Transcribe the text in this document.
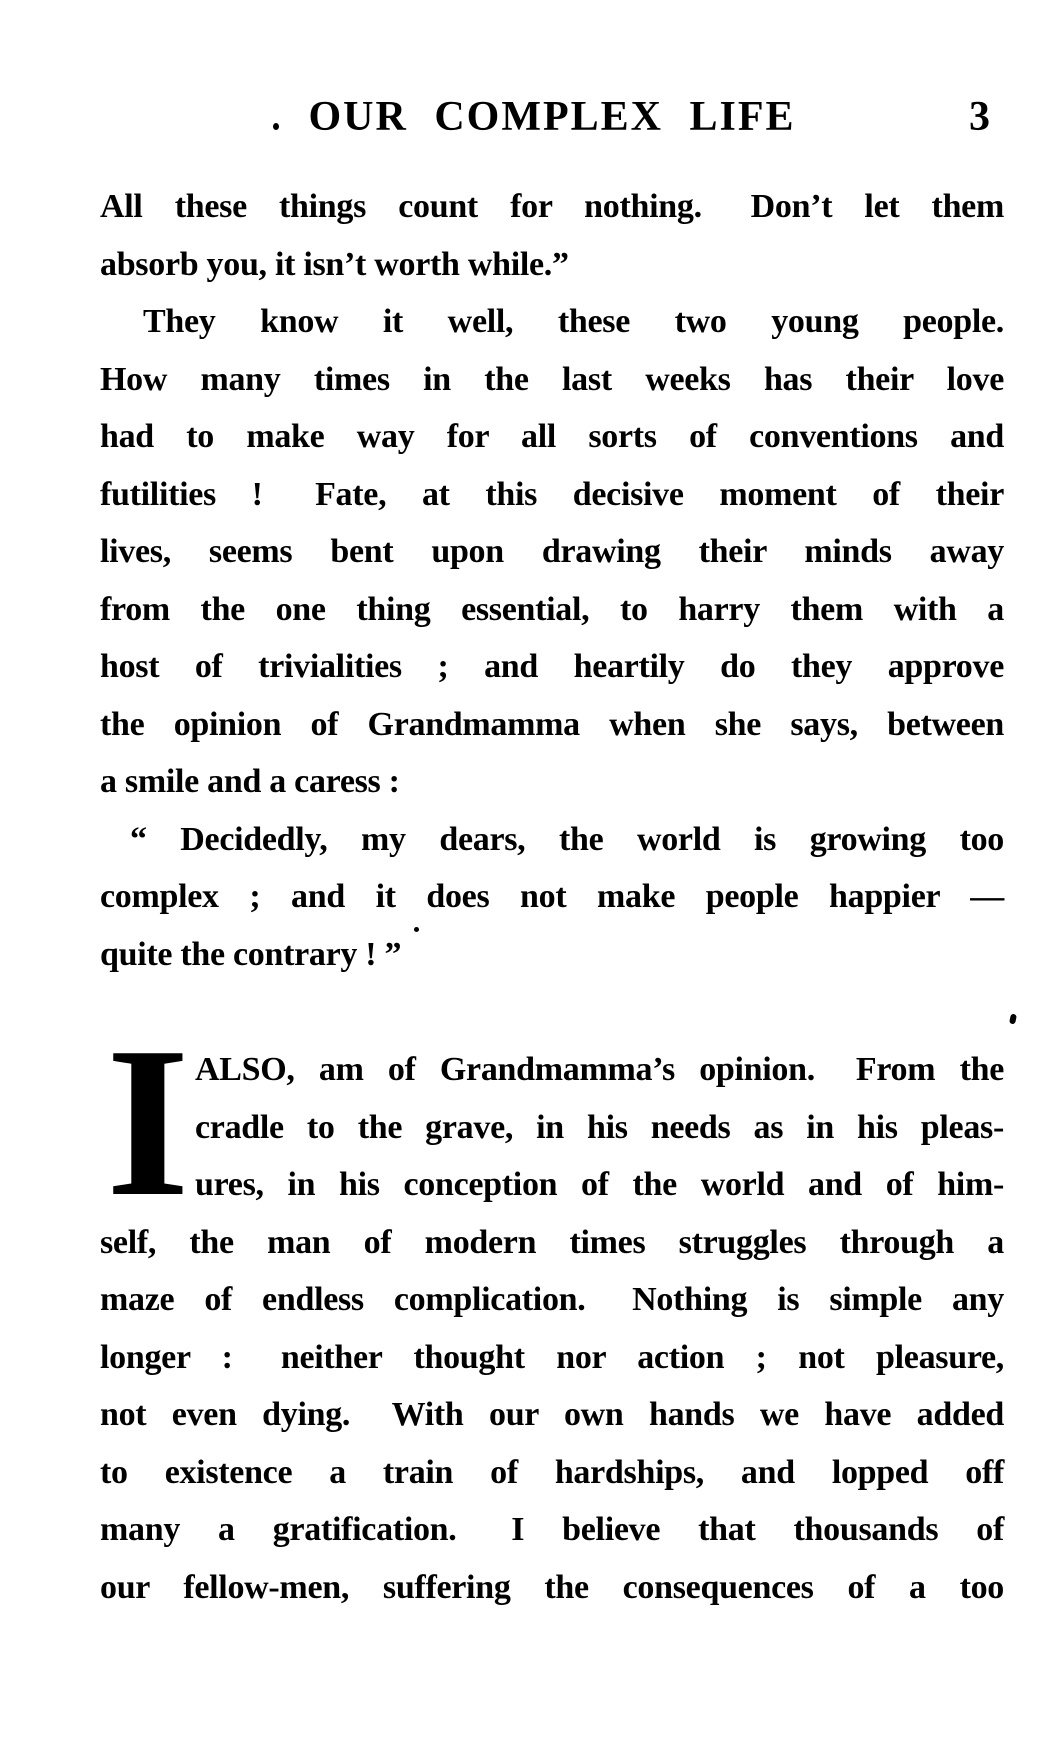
OUR COMPLEX LIFE	3
All these things count for nothing.  Don’t let them
absorb you, it isn’t worth while.”
They know it well, these two young people.
How many times in the last weeks has their love
had to make way for all sorts of conventions and
futilities !  Fate, at this decisive moment of their
lives, seems bent upon drawing their minds away
from the one thing essential, to harry them with a
host of trivialities ; and heartily do they approve
the opinion of Grandmamma when she says, between
a smile and a caress :
“ Decidedly, my dears, the world is growing too
complex ; and it does not make people happier —
quite the contrary ! ”
I ALSO, am of Grandmamma’s opinion.  From the
cradle to the grave, in his needs as in his pleas-
ures, in his conception of the world and of him-
self, the man of modern times struggles through a
maze of endless complication.  Nothing is simple any
longer :  neither thought nor action ; not pleasure,
not even dying.  With our own hands we have added
to existence a train of hardships, and lopped off
many a gratification.  I believe that thousands of
our fellow-men, suffering the consequences of a too
